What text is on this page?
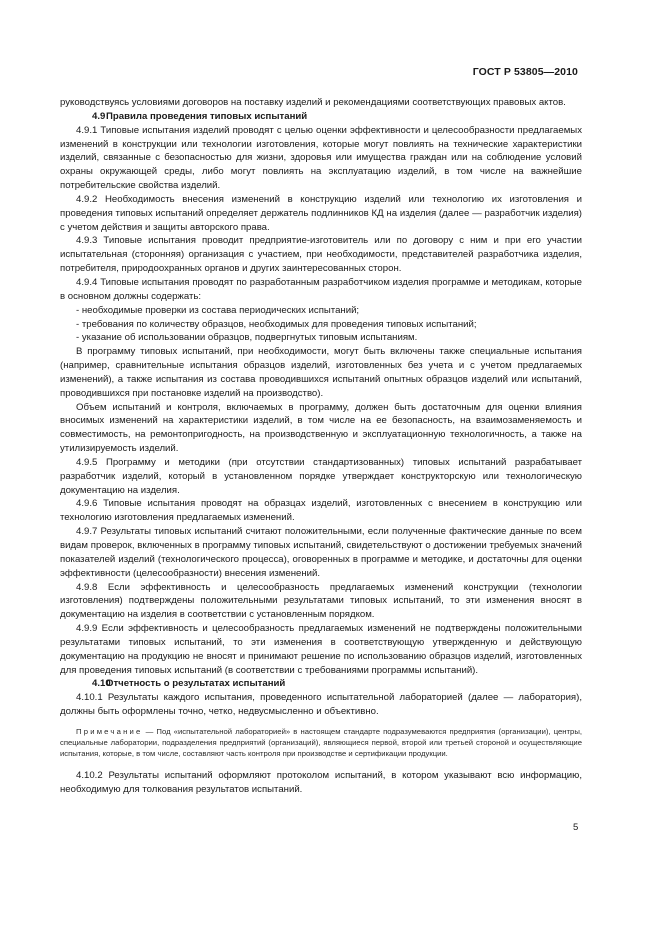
ГОСТ Р 53805—2010

руководствуясь условиями договоров на поставку изделий и рекомендациями соответствующих правовых актов.

4.9Правила проведения типовых испытаний

4.9.1 Типовые испытания изделий проводят с целью оценки эффективности и целесообразности предлагаемых изменений в конструкции или технологии изготовления, которые могут повлиять на технические характеристики изделий, связанные с безопасностью для жизни, здоровья или имущества граждан или на соблюдение условий охраны окружающей среды, либо могут повлиять на эксплуатацию изделий, в том числе на важнейшие потребительские свойства изделий.

4.9.2 Необходимость внесения изменений в конструкцию изделий или технологию их изготовления и проведения типовых испытаний определяет держатель подлинников КД на изделия (далее — разработчик изделия) с учетом действия и защиты авторского права.

4.9.3 Типовые испытания проводит предприятие-изготовитель или по договору с ним и при его участии испытательная (сторонняя) организация с участием, при необходимости, представителей разработчика изделия, потребителя, природоохранных органов и других заинтересованных сторон.

4.9.4 Типовые испытания проводят по разработанным разработчиком изделия программе и методикам, которые в основном должны содержать:

- необходимые проверки из состава периодических испытаний;

- требования по количеству образцов, необходимых для проведения типовых испытаний;

- указание об использовании образцов, подвергнутых типовым испытаниям.

В программу типовых испытаний, при необходимости, могут быть включены также специальные испытания (например, сравнительные испытания образцов изделий, изготовленных без учета и с учетом предлагаемых изменений), а также испытания из состава проводившихся испытаний опытных образцов изделий или испытаний, проводившихся при постановке изделий на производство).

Объем испытаний и контроля, включаемых в программу, должен быть достаточным для оценки влияния вносимых изменений на характеристики изделий, в том числе на ее безопасность, на взаимозаменяемость и совместимость, на ремонтопригодность, на производственную и эксплуатационную технологичность, а также на утилизируемость изделий.

4.9.5 Программу и методики (при отсутствии стандартизованных) типовых испытаний разрабатывает разработчик изделий, который в установленном порядке утверждает конструкторскую или технологическую документацию на изделия.

4.9.6 Типовые испытания проводят на образцах изделий, изготовленных с внесением в конструкцию или технологию изготовления предлагаемых изменений.

4.9.7 Результаты типовых испытаний считают положительными, если полученные фактические данные по всем видам проверок, включенных в программу типовых испытаний, свидетельствуют о достижении требуемых значений показателей изделий (технологического процесса), оговоренных в программе и методике, и достаточны для оценки эффективности (целесообразности) внесения изменений.

4.9.8 Если эффективность и целесообразность предлагаемых изменений конструкции (технологии изготовления) подтверждены положительными результатами типовых испытаний, то эти изменения вносят в документацию на изделия в соответствии с установленным порядком.

4.9.9 Если эффективность и целесообразность предлагаемых изменений не подтверждены положительными результатами типовых испытаний, то эти изменения в соответствующую утвержденную и действующую документацию на продукцию не вносят и принимают решение по использованию образцов изделий, изготовленных для проведения типовых испытаний (в соответствии с требованиями программы испытаний).

4.10Отчетность о результатах испытаний

4.10.1 Результаты каждого испытания, проведенного испытательной лабораторией (далее — лаборатория), должны быть оформлены точно, четко, недвусмысленно и объективно.

Примечание — Под «испытательной лабораторией» в настоящем стандарте подразумеваются предприятия (организации), центры, специальные лаборатории, подразделения предприятий (организаций), являющиеся первой, второй или третьей стороной и осуществляющие испытания, которые, в том числе, составляют часть контроля при производстве и сертификации продукции.

4.10.2 Результаты испытаний оформляют протоколом испытаний, в котором указывают всю информацию, необходимую для толкования результатов испытаний.

5
